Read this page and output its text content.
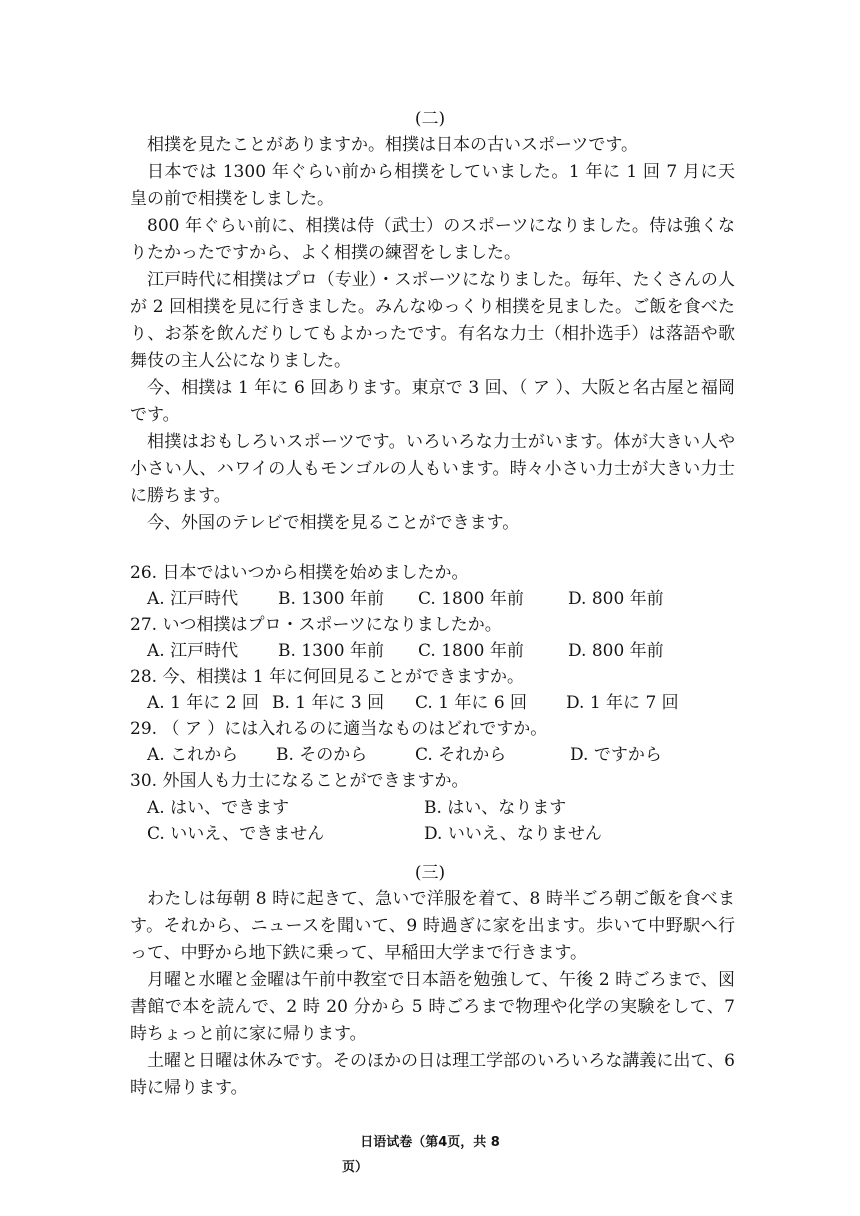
(二)

相撲を見たことがありますか。相撲は日本の古いスポーツです。

日本では 1300 年ぐらい前から相撲をしていました。1 年に 1 回 7 月に天皇の前で相撲をしました。

800 年ぐらい前に、相撲は侍（武士）のスポーツになりました。侍は強くなりたかったですから、よく相撲の練習をしました。

江戸時代に相撲はプロ（专业）・スポーツになりました。毎年、たくさんの人が 2 回相撲を見に行きました。みんなゆっくり相撲を見ました。ご飯を食べたり、お茶を飲んだりしてもよかったです。有名な力士（相扑选手）は落語や歌舞伎の主人公になりました。

今、相撲は 1 年に 6 回あります。東京で 3 回、（ ア ）、大阪と名古屋と福岡です。

相撲はおもしろいスポーツです。いろいろな力士がいます。体が大きい人や小さい人、ハワイの人もモンゴルの人もいます。時々小さい力士が大きい力士に勝ちます。

今、外国のテレビで相撲を見ることができます。

26. 日本ではいつから相撲を始めましたか。
A. 江戸時代 B. 1300 年前 C. 1800 年前	D. 800 年前
27. いつ相撲はプロ・スポーツになりましたか。
A. 江戸時代 B. 1300 年前 C. 1800 年前	D. 800 年前
28. 今、相撲は 1 年に何回見ることができますか。
A. 1 年に 2 回 B. 1 年に 3 回 C. 1 年に 6 回 D. 1 年に 7 回
29. （ ア ）には入れるのに適当なものはどれですか。
A. これから B. そのから	C. それから	D. ですから
30. 外国人も力士になることができますか。
A. はい、できます	B. はい、なります
C. いいえ、できません	D. いいえ、なりません
(三)

わたしは毎朝 8 時に起きて、急いで洋服を着て、8 時半ごろ朝ご飯を食べます。それから、ニュースを聞いて、9 時過ぎに家を出ます。歩いて中野駅へ行って、中野から地下鉄に乗って、早稲田大学まで行きます。

月曜と水曜と金曜は午前中教室で日本語を勉強して、午後 2 時ごろまで、図書館で本を読んで、2 時 20 分から 5 時ごろまで物理や化学の実験をして、7 時ちょっと前に家に帰ります。

土曜と日曜は休みです。そのほかの日は理工学部のいろいろな講義に出て、6 時に帰ります。

日语试卷（第4页，共 8
页）
